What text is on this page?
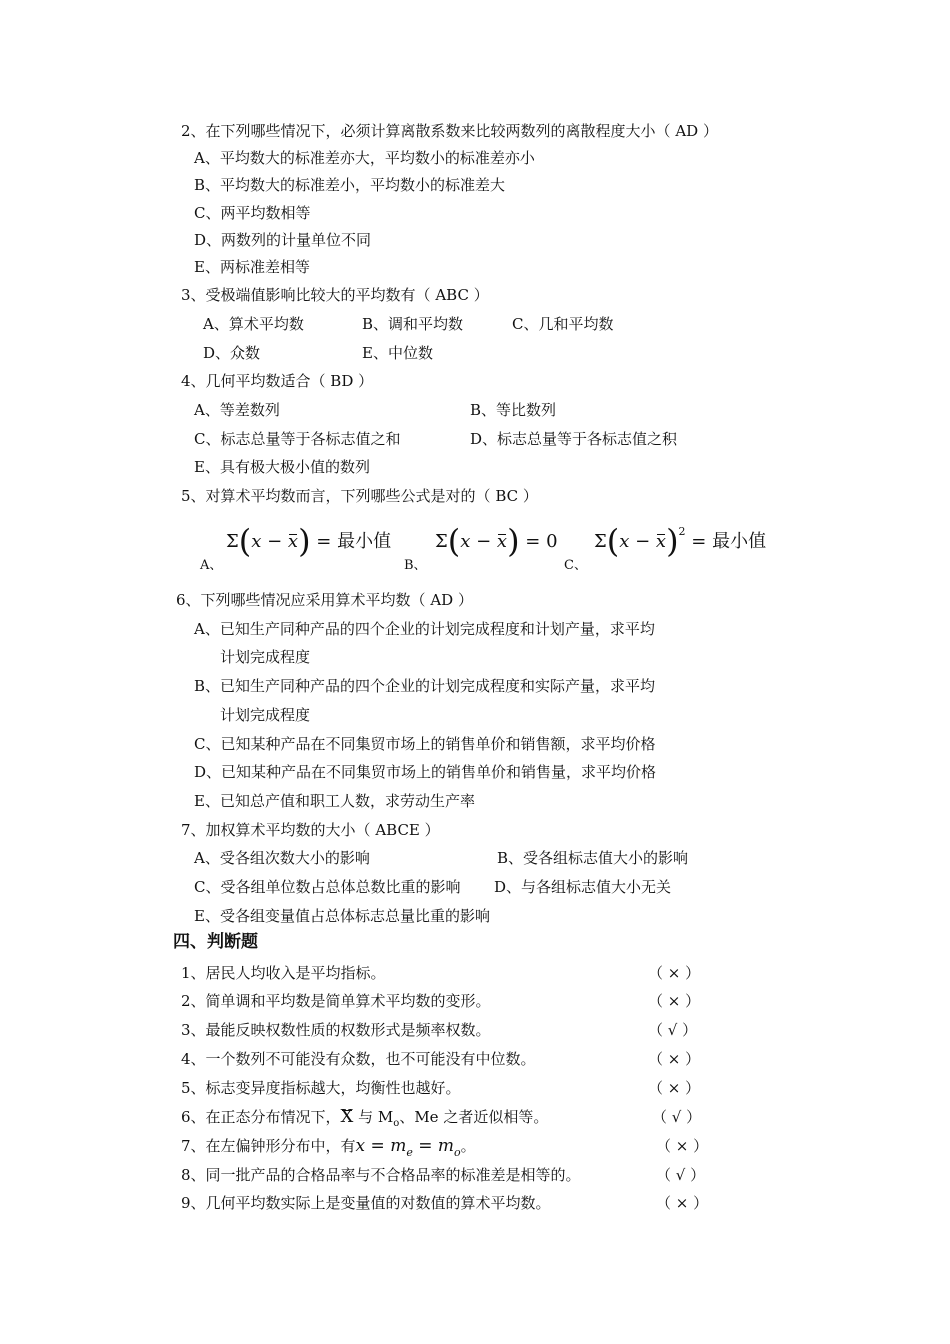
2、在下列哪些情况下，必须计算离散系数来比较两数列的离散程度大小（ AD ）
A、平均数大的标准差亦大，平均数小的标准差亦小
B、平均数大的标准差小，平均数小的标准差大
C、两平均数相等
D、两数列的计量单位不同
E、两标准差相等
3、受极端值影响比较大的平均数有（ ABC ）
A、算术平均数	B、调和平均数	C、几和平均数
D、众数	E、中位数
4、几何平均数适合（ BD ）
A、等差数列	B、等比数列
C、标志总量等于各标志值之和	D、标志总量等于各标志值之积
E、具有极大极小值的数列
5、对算术平均数而言，下列哪些公式是对的（ BC ）
Σ(x − x) = 最小值
A、
Σ(x − x) = 0
B、
$\Sigma(x - x)^2$ = 最小值
C、
6、下列哪些情况应采用算术平均数（ AD ）
A、已知生产同种产品的四个企业的计划完成程度和计划产量，求平均
计划完成程度
B、已知生产同种产品的四个企业的计划完成程度和实际产量，求平均
计划完成程度
C、已知某种产品在不同集贸市场上的销售单价和销售额，求平均价格
D、已知某种产品在不同集贸市场上的销售单价和销售量，求平均价格
E、已知总产值和职工人数，求劳动生产率
7、加权算术平均数的大小（ ABCE ）
A、受各组次数大小的影响	B、受各组标志值大小的影响
C、受各组单位数占总体总数比重的影响 D、与各组标志值大小无关
E、受各组变量值占总体标志总量比重的影响
四、判断题
1、居民人均收入是平均指标。	（ × ）
2、简单调和平均数是简单算术平均数的变形。	（ × ）
3、最能反映权数性质的权数形式是频率权数。	（ √ ）
4、一个数列不可能没有众数，也不可能没有中位数。	（ × ）
5、标志变异度指标越大，均衡性也越好。	（ × ）
6、在正态分布情况下，X 与 $M_o$、Me 之者近似相等。	（ √ ）
7、在左偏钟形分布中，有$x = m_e = m_o$。	（ × ）
8、同一批产品的合格品率与不合格品率的标准差是相等的。	（ √ ）
9、几何平均数实际上是变量值的对数值的算术平均数。	（ × ）
